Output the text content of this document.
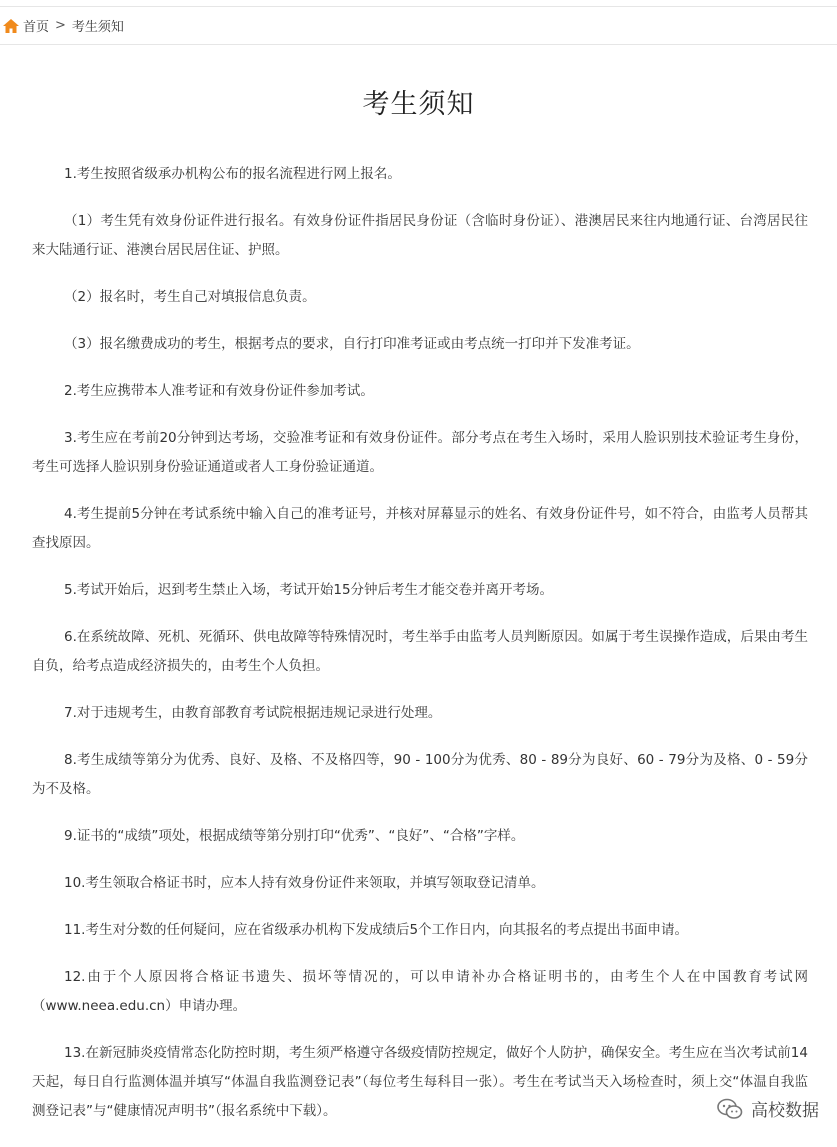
首页 > 考生须知
考生须知

1.考生按照省级承办机构公布的报名流程进行网上报名。

（1）考生凭有效身份证件进行报名。有效身份证件指居民身份证（含临时身份证）、港澳居民来往内地通行证、台湾居民往来大陆通行证、港澳台居民居住证、护照。

（2）报名时，考生自己对填报信息负责。

（3）报名缴费成功的考生，根据考点的要求，自行打印准考证或由考点统一打印并下发准考证。

2.考生应携带本人准考证和有效身份证件参加考试。

3.考生应在考前20分钟到达考场，交验准考证和有效身份证件。部分考点在考生入场时，采用人脸识别技术验证考生身份，考生可选择人脸识别身份验证通道或者人工身份验证通道。

4.考生提前5分钟在考试系统中输入自己的准考证号，并核对屏幕显示的姓名、有效身份证件号，如不符合，由监考人员帮其查找原因。

5.考试开始后，迟到考生禁止入场，考试开始15分钟后考生才能交卷并离开考场。

6.在系统故障、死机、死循环、供电故障等特殊情况时，考生举手由监考人员判断原因。如属于考生误操作造成，后果由考生自负，给考点造成经济损失的，由考生个人负担。

7.对于违规考生，由教育部教育考试院根据违规记录进行处理。

8.考生成绩等第分为优秀、良好、及格、不及格四等，90 - 100分为优秀、80 - 89分为良好、60 - 79分为及格、0 - 59分为不及格。

9.证书的“成绩”项处，根据成绩等第分别打印“优秀”、“良好”、“合格”字样。

10.考生领取合格证书时，应本人持有效身份证件来领取，并填写领取登记清单。

11.考生对分数的任何疑问，应在省级承办机构下发成绩后5个工作日内，向其报名的考点提出书面申请。

12.由于个人原因将合格证书遗失、损坏等情况的，可以申请补办合格证明书的，由考生个人在中国教育考试网（www.neea.edu.cn）申请办理。

13.在新冠肺炎疫情常态化防控时期，考生须严格遵守各级疫情防控规定，做好个人防护，确保安全。考生应在当次考试前14天起，每日自行监测体温并填写“体温自我监测登记表”（每位考生每科目一张）。考生在考试当天入场检查时，须上交“体温自我监测登记表”与“健康情况声明书”（报名系统中下载）。	高校数据
